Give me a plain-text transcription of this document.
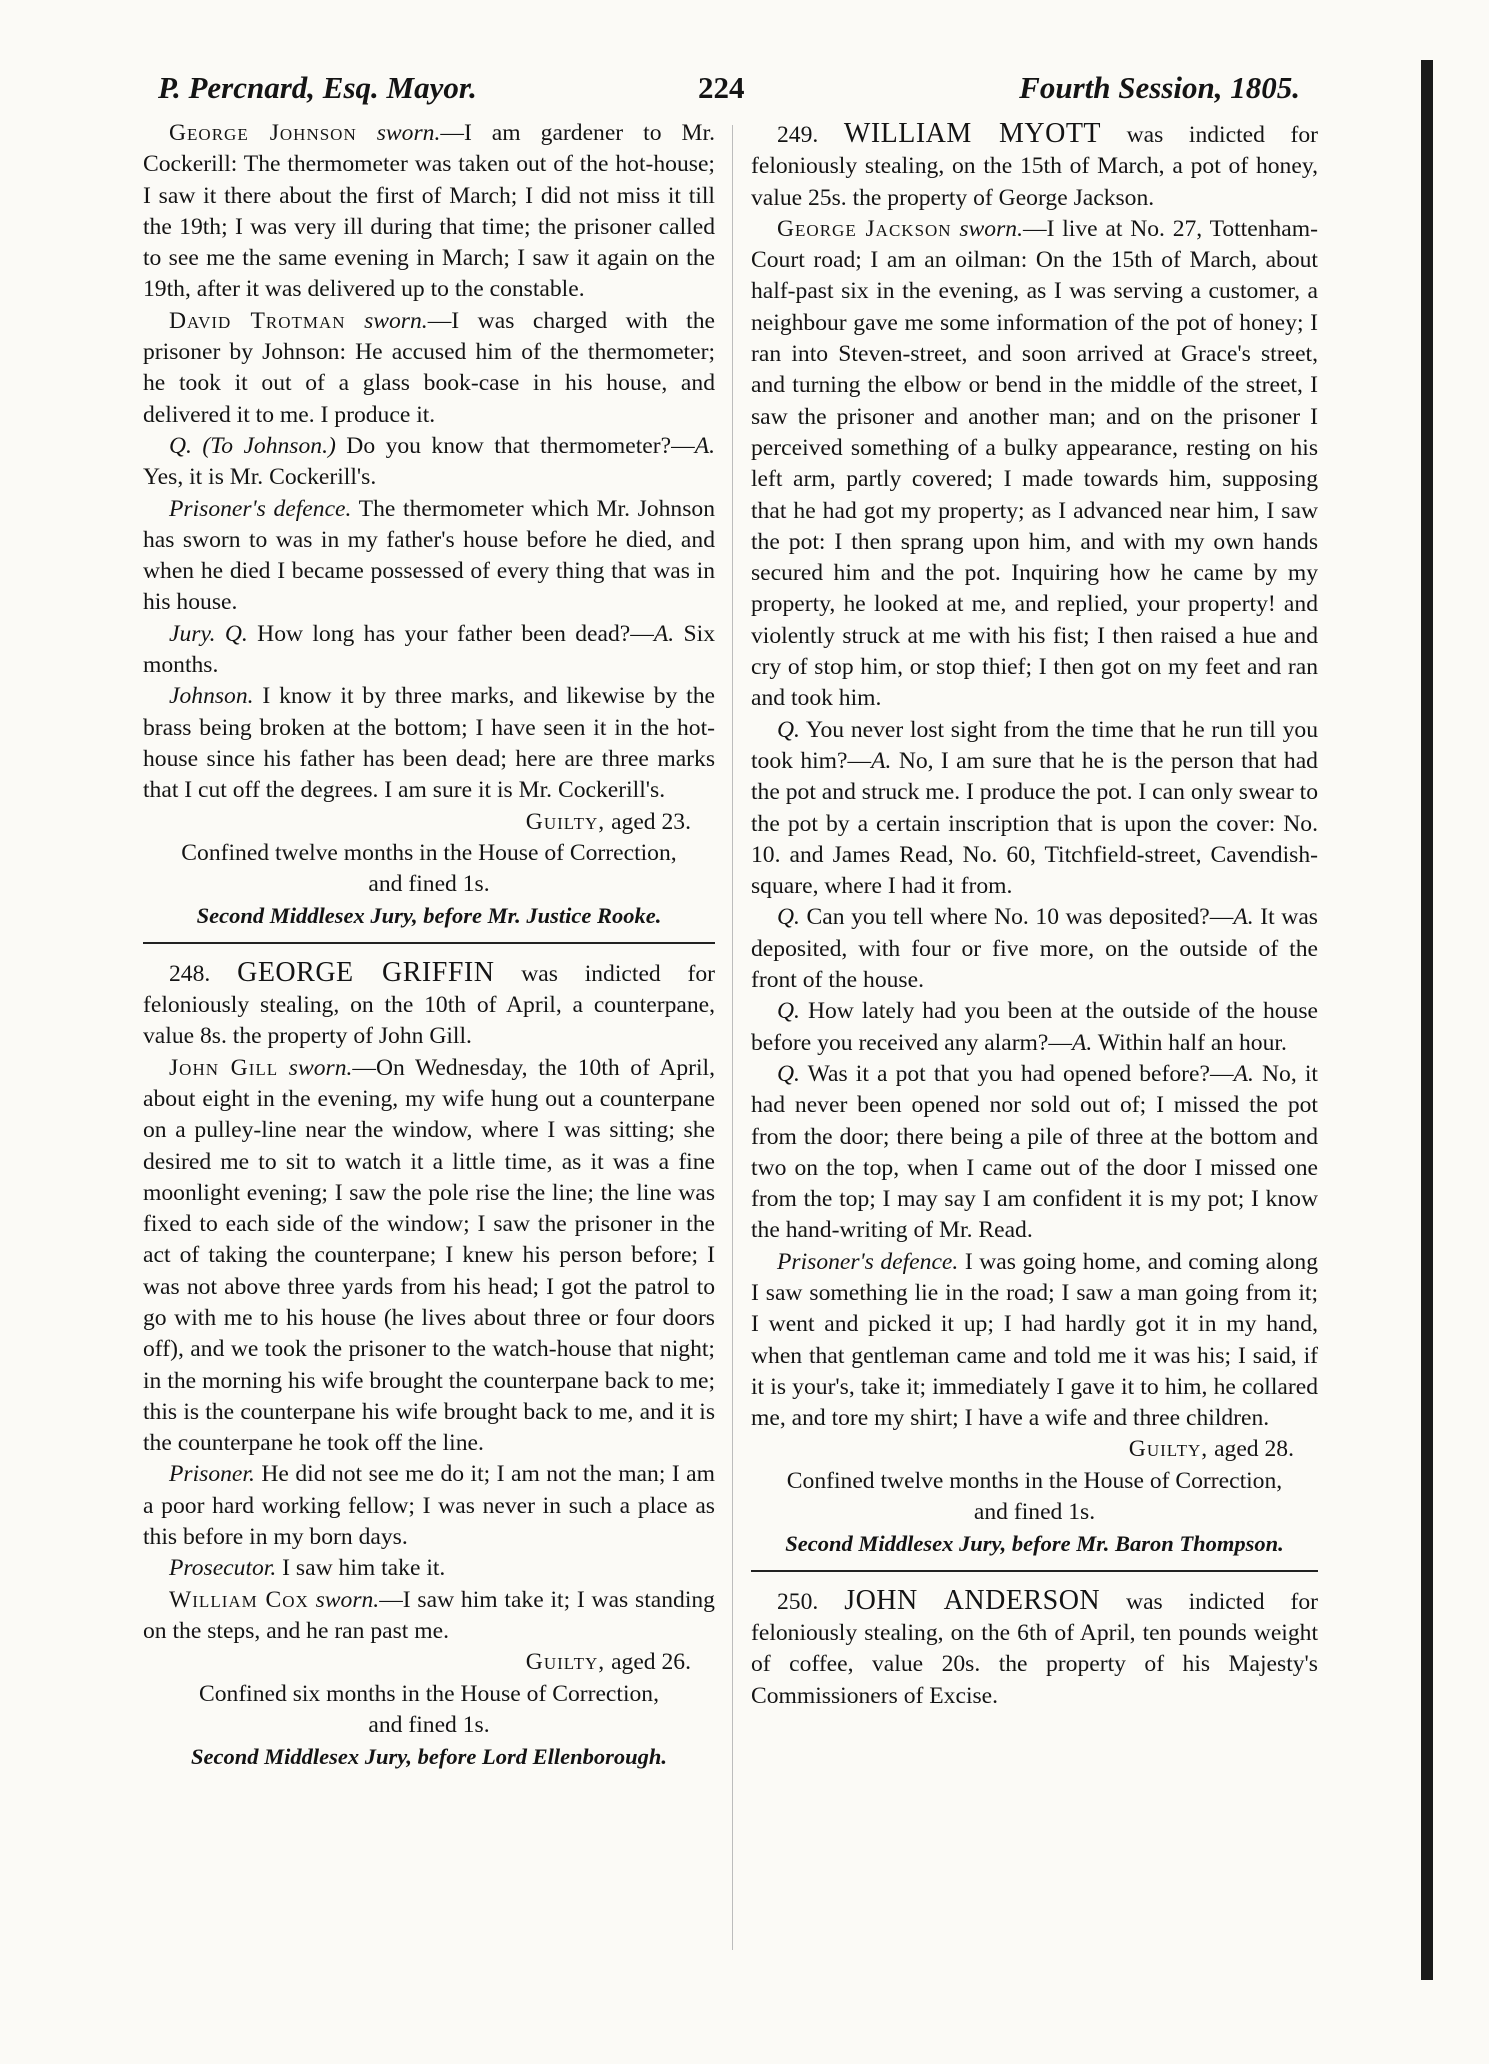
P. Percnard, Esq. Mayor.	224	Fourth Session, 1805.

George Johnson sworn.—I am gardener to Mr. Cockerill: The thermometer was taken out of the hot-house; I saw it there about the first of March; I did not miss it till the 19th; I was very ill during that time; the prisoner called to see me the same evening in March; I saw it again on the 19th, after it was delivered up to the constable.

David Trotman sworn.—I was charged with the prisoner by Johnson: He accused him of the thermometer; he took it out of a glass book-case in his house, and delivered it to me. I produce it.

Q. (To Johnson.) Do you know that thermometer?—A. Yes, it is Mr. Cockerill's.

Prisoner's defence. The thermometer which Mr. Johnson has sworn to was in my father's house before he died, and when he died I became possessed of every thing that was in his house.

Jury. Q. How long has your father been dead?—A. Six months.

Johnson. I know it by three marks, and likewise by the brass being broken at the bottom; I have seen it in the hot-house since his father has been dead; here are three marks that I cut off the degrees. I am sure it is Mr. Cockerill's.

Guilty, aged 23.

Confined twelve months in the House of Correction,

and fined 1s.

Second Middlesex Jury, before Mr. Justice Rooke.

248. GEORGE GRIFFIN was indicted for feloniously stealing, on the 10th of April, a counterpane, value 8s. the property of John Gill.

John Gill sworn.—On Wednesday, the 10th of April, about eight in the evening, my wife hung out a counterpane on a pulley-line near the window, where I was sitting; she desired me to sit to watch it a little time, as it was a fine moonlight evening; I saw the pole rise the line; the line was fixed to each side of the window; I saw the prisoner in the act of taking the counterpane; I knew his person before; I was not above three yards from his head; I got the patrol to go with me to his house (he lives about three or four doors off), and we took the prisoner to the watch-house that night; in the morning his wife brought the counterpane back to me; this is the counterpane his wife brought back to me, and it is the counterpane he took off the line.

Prisoner. He did not see me do it; I am not the man; I am a poor hard working fellow; I was never in such a place as this before in my born days.

Prosecutor. I saw him take it.

William Cox sworn.—I saw him take it; I was standing on the steps, and he ran past me.

Guilty, aged 26.

Confined six months in the House of Correction,

and fined 1s.

Second Middlesex Jury, before Lord Ellenborough.

249. WILLIAM MYOTT was indicted for feloniously stealing, on the 15th of March, a pot of honey, value 25s. the property of George Jackson.

George Jackson sworn.—I live at No. 27, Tottenham-Court road; I am an oilman: On the 15th of March, about half-past six in the evening, as I was serving a customer, a neighbour gave me some information of the pot of honey; I ran into Steven-street, and soon arrived at Grace's street, and turning the elbow or bend in the middle of the street, I saw the prisoner and another man; and on the prisoner I perceived something of a bulky appearance, resting on his left arm, partly covered; I made towards him, supposing that he had got my property; as I advanced near him, I saw the pot: I then sprang upon him, and with my own hands secured him and the pot. Inquiring how he came by my property, he looked at me, and replied, your property! and violently struck at me with his fist; I then raised a hue and cry of stop him, or stop thief; I then got on my feet and ran and took him.

Q. You never lost sight from the time that he run till you took him?—A. No, I am sure that he is the person that had the pot and struck me. I produce the pot. I can only swear to the pot by a certain inscription that is upon the cover: No. 10. and James Read, No. 60, Titchfield-street, Cavendish-square, where I had it from.

Q. Can you tell where No. 10 was deposited?—A. It was deposited, with four or five more, on the outside of the front of the house.

Q. How lately had you been at the outside of the house before you received any alarm?—A. Within half an hour.

Q. Was it a pot that you had opened before?—A. No, it had never been opened nor sold out of; I missed the pot from the door; there being a pile of three at the bottom and two on the top, when I came out of the door I missed one from the top; I may say I am confident it is my pot; I know the hand-writing of Mr. Read.

Prisoner's defence. I was going home, and coming along I saw something lie in the road; I saw a man going from it; I went and picked it up; I had hardly got it in my hand, when that gentleman came and told me it was his; I said, if it is your's, take it; immediately I gave it to him, he collared me, and tore my shirt; I have a wife and three children.

Guilty, aged 28.

Confined twelve months in the House of Correction,

and fined 1s.

Second Middlesex Jury, before Mr. Baron Thompson.

250. JOHN ANDERSON was indicted for feloniously stealing, on the 6th of April, ten pounds weight of coffee, value 20s. the property of his Majesty's Commissioners of Excise.
